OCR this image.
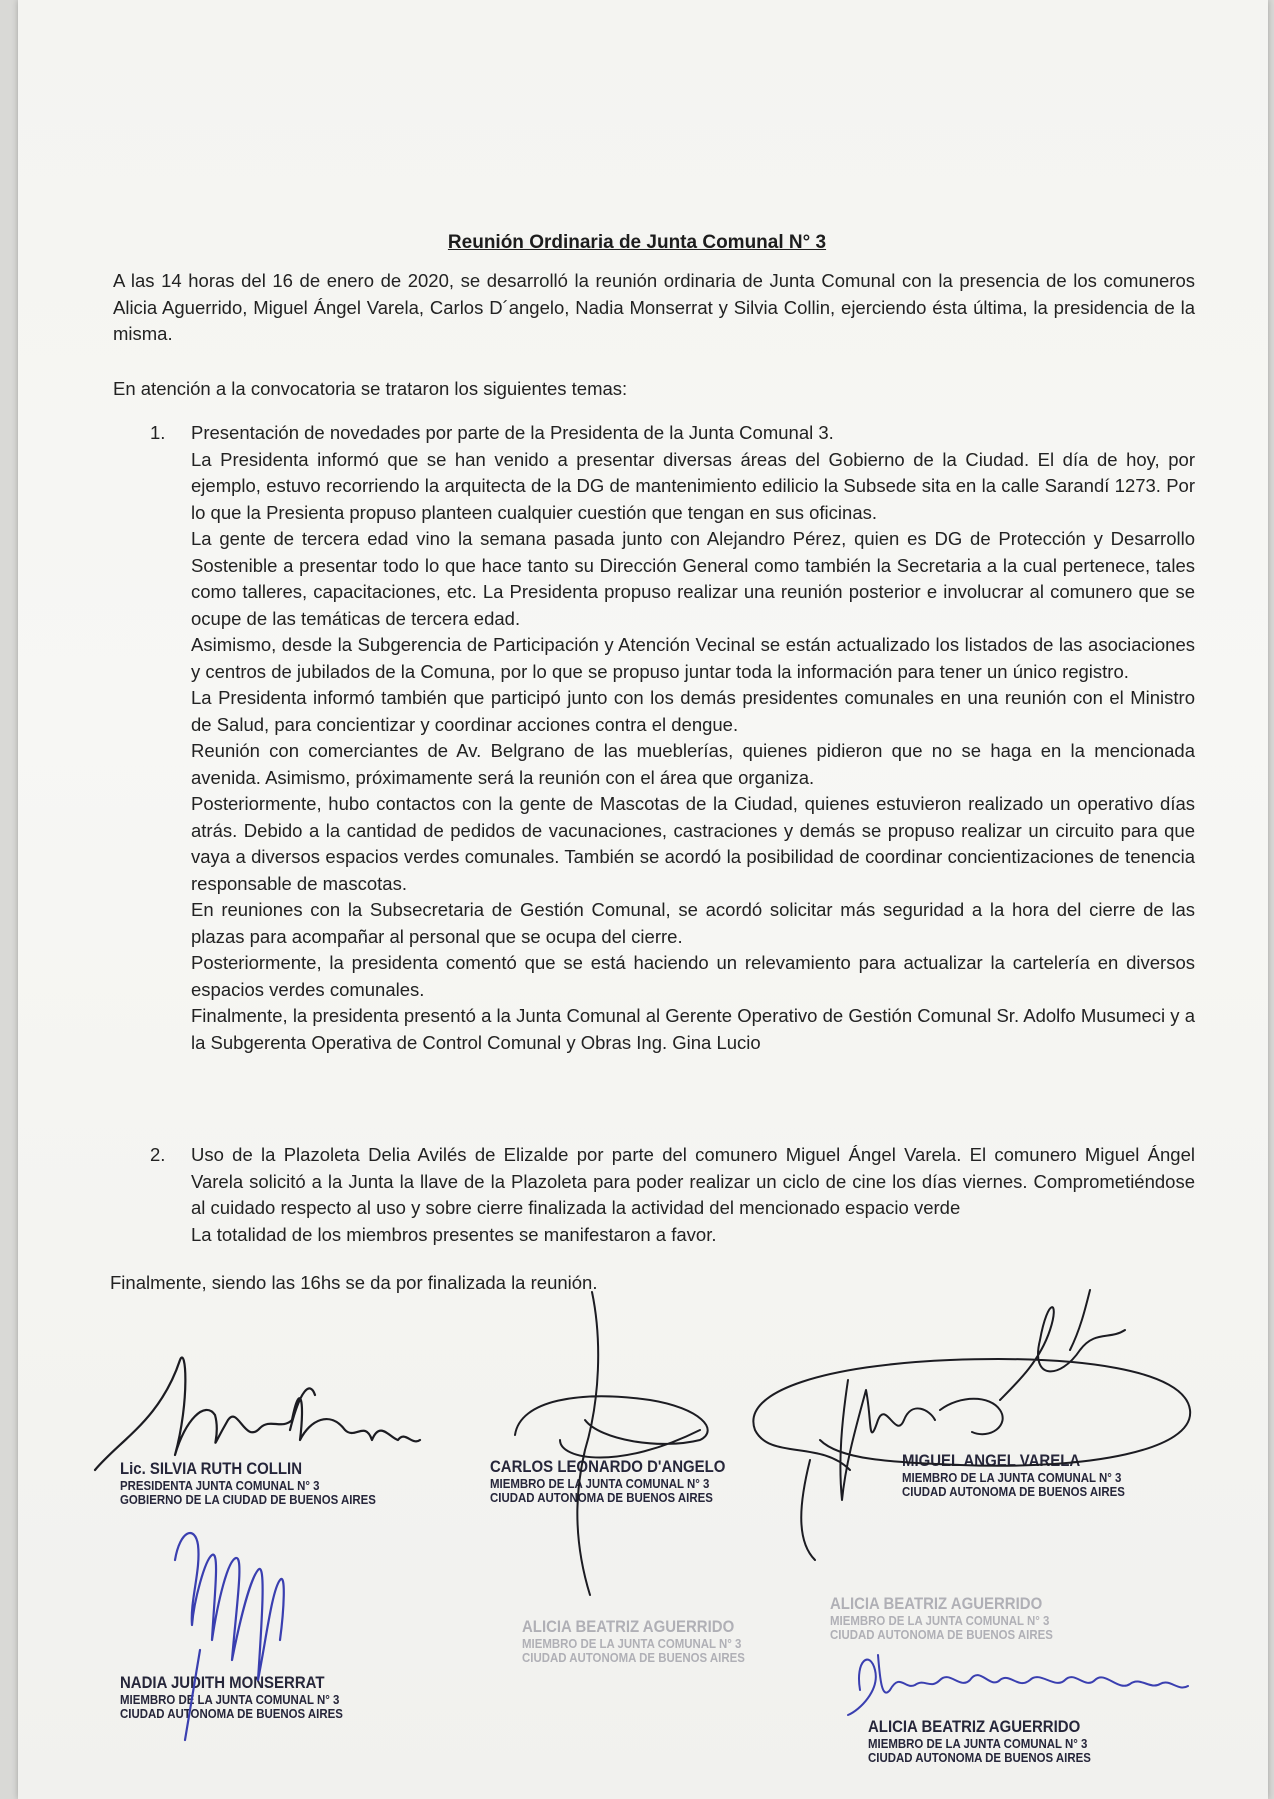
Reunión Ordinaria de Junta Comunal N° 3
A las 14 horas del 16 de enero de 2020, se desarrolló la reunión ordinaria de Junta Comunal con la presencia de los comuneros Alicia Aguerrido, Miguel Ángel Varela, Carlos D´angelo, Nadia Monserrat y Silvia Collin, ejerciendo ésta última, la presidencia de la misma.
En atención a la convocatoria se trataron los siguientes temas:
1.	Presentación de novedades por parte de la Presidenta de la Junta Comunal 3.

La Presidenta informó que se han venido a presentar diversas áreas del Gobierno de la Ciudad. El día de hoy, por ejemplo, estuvo recorriendo la arquitecta de la DG de mantenimiento edilicio la Subsede sita en la calle Sarandí 1273. Por lo que la Presienta propuso planteen cualquier cuestión que tengan en sus oficinas.

La gente de tercera edad vino la semana pasada junto con Alejandro Pérez, quien es DG de Protección y Desarrollo Sostenible a presentar todo lo que hace tanto su Dirección General como también la Secretaria a la cual pertenece, tales como talleres, capacitaciones, etc. La Presidenta propuso realizar una reunión posterior e involucrar al comunero que se ocupe de las temáticas de tercera edad.

Asimismo, desde la Subgerencia de Participación y Atención Vecinal se están actualizado los listados de las asociaciones y centros de jubilados de la Comuna, por lo que se propuso juntar toda la información para tener un único registro.

La Presidenta informó también que participó junto con los demás presidentes comunales en una reunión con el Ministro de Salud, para concientizar y coordinar acciones contra el dengue.

Reunión con comerciantes de Av. Belgrano de las mueblerías, quienes pidieron que no se haga en la mencionada avenida. Asimismo, próximamente será la reunión con el área que organiza.

Posteriormente, hubo contactos con la gente de Mascotas de la Ciudad, quienes estuvieron realizado un operativo días atrás. Debido a la cantidad de pedidos de vacunaciones, castraciones y demás se propuso realizar un circuito para que vaya a diversos espacios verdes comunales. También se acordó la posibilidad de coordinar concientizaciones de tenencia responsable de mascotas.

En reuniones con la Subsecretaria de Gestión Comunal, se acordó solicitar más seguridad a la hora del cierre de las plazas para acompañar al personal que se ocupa del cierre.

Posteriormente, la presidenta comentó que se está haciendo un relevamiento para actualizar la cartelería en diversos espacios verdes comunales.

Finalmente, la presidenta presentó a la Junta Comunal al Gerente Operativo de Gestión Comunal Sr. Adolfo Musumeci y a la Subgerenta Operativa de Control Comunal y Obras Ing. Gina Lucio

2.	Uso de la Plazoleta Delia Avilés de Elizalde por parte del comunero Miguel Ángel Varela. El comunero Miguel Ángel Varela solicitó a la Junta la llave de la Plazoleta para poder realizar un ciclo de cine los días viernes. Comprometiéndose al cuidado respecto al uso y sobre cierre finalizada la actividad del mencionado espacio verde

La totalidad de los miembros presentes se manifestaron a favor.

Finalmente, siendo las 16hs se da por finalizada la reunión.
Lic. SILVIA RUTH COLLIN
PRESIDENTA JUNTA COMUNAL N° 3
GOBIERNO DE LA CIUDAD DE BUENOS AIRES
CARLOS LEONARDO D'ANGELO
MIEMBRO DE LA JUNTA COMUNAL N° 3
CIUDAD AUTONOMA DE BUENOS AIRES
MIGUEL ANGEL VARELA
MIEMBRO DE LA JUNTA COMUNAL N° 3
CIUDAD AUTONOMA DE BUENOS AIRES
ALICIA BEATRIZ AGUERRIDO
MIEMBRO DE LA JUNTA COMUNAL N° 3
CIUDAD AUTONOMA DE BUENOS AIRES
ALICIA BEATRIZ AGUERRIDO
MIEMBRO DE LA JUNTA COMUNAL N° 3
CIUDAD AUTONOMA DE BUENOS AIRES
NADIA JUDITH MONSERRAT
MIEMBRO DE LA JUNTA COMUNAL N° 3
CIUDAD AUTONOMA DE BUENOS AIRES
ALICIA BEATRIZ AGUERRIDO
MIEMBRO DE LA JUNTA COMUNAL N° 3
CIUDAD AUTONOMA DE BUENOS AIRES
